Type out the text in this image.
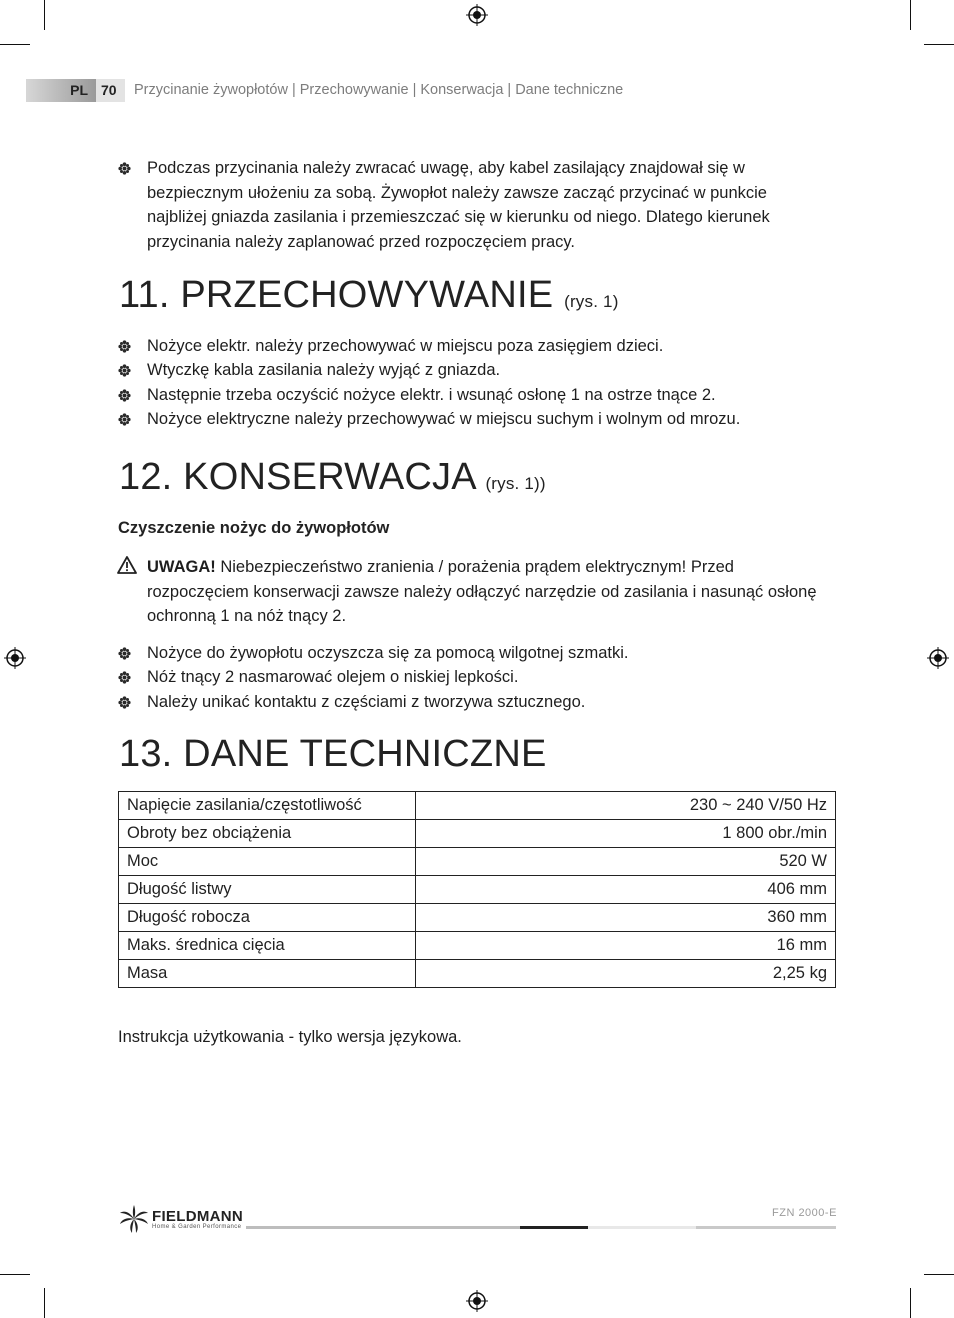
PL 70 Przycinanie żywopłotów | Przechowywanie | Konserwacja | Dane techniczne
Podczas przycinania należy zwracać uwagę, aby kabel zasilający znajdował się w
bezpiecznym ułożeniu za sobą. Żywopłot należy zawsze zacząć przycinać w punkcie
najbliżej gniazda zasilania i przemieszczać się w kierunku od niego. Dlatego kierunek
przycinania należy zaplanować przed rozpoczęciem pracy.
11. PRZECHOWYWANIE (rys. 1)
Nożyce elektr. należy przechowywać w miejscu poza zasięgiem dzieci.
Wtyczkę kabla zasilania należy wyjąć z gniazda.
Następnie trzeba oczyścić nożyce elektr. i wsunąć osłonę 1 na ostrze tnące 2.
Nożyce elektryczne należy przechowywać w miejscu suchym i wolnym od mrozu.
12. KONSERWACJA (rys. 1))
Czyszczenie nożyc do żywopłotów
UWAGA! Niebezpieczeństwo zranienia / porażenia prądem elektrycznym! Przed
rozpoczęciem konserwacji zawsze należy odłączyć narzędzie od zasilania i nasunąć osłonę
ochronną 1 na nóż tnący 2.
Nożyce do żywopłotu oczyszcza się za pomocą wilgotnej szmatki.
Nóż tnący 2 nasmarować olejem o niskiej lepkości.
Należy unikać kontaktu z częściami z tworzywa sztucznego.
13. DANE TECHNICZNE
Napięcie zasilania/częstotliwość	230 ~ 240 V/50 Hz
Obroty bez obciążenia	1 800 obr./min
Moc	520 W
Długość listwy	406 mm
Długość robocza	360 mm
Maks. średnica cięcia	16 mm
Masa	2,25 kg
Instrukcja użytkowania - tylko wersja językowa.
FIELDMANN
Home & Garden Performance
FZN 2000-E
